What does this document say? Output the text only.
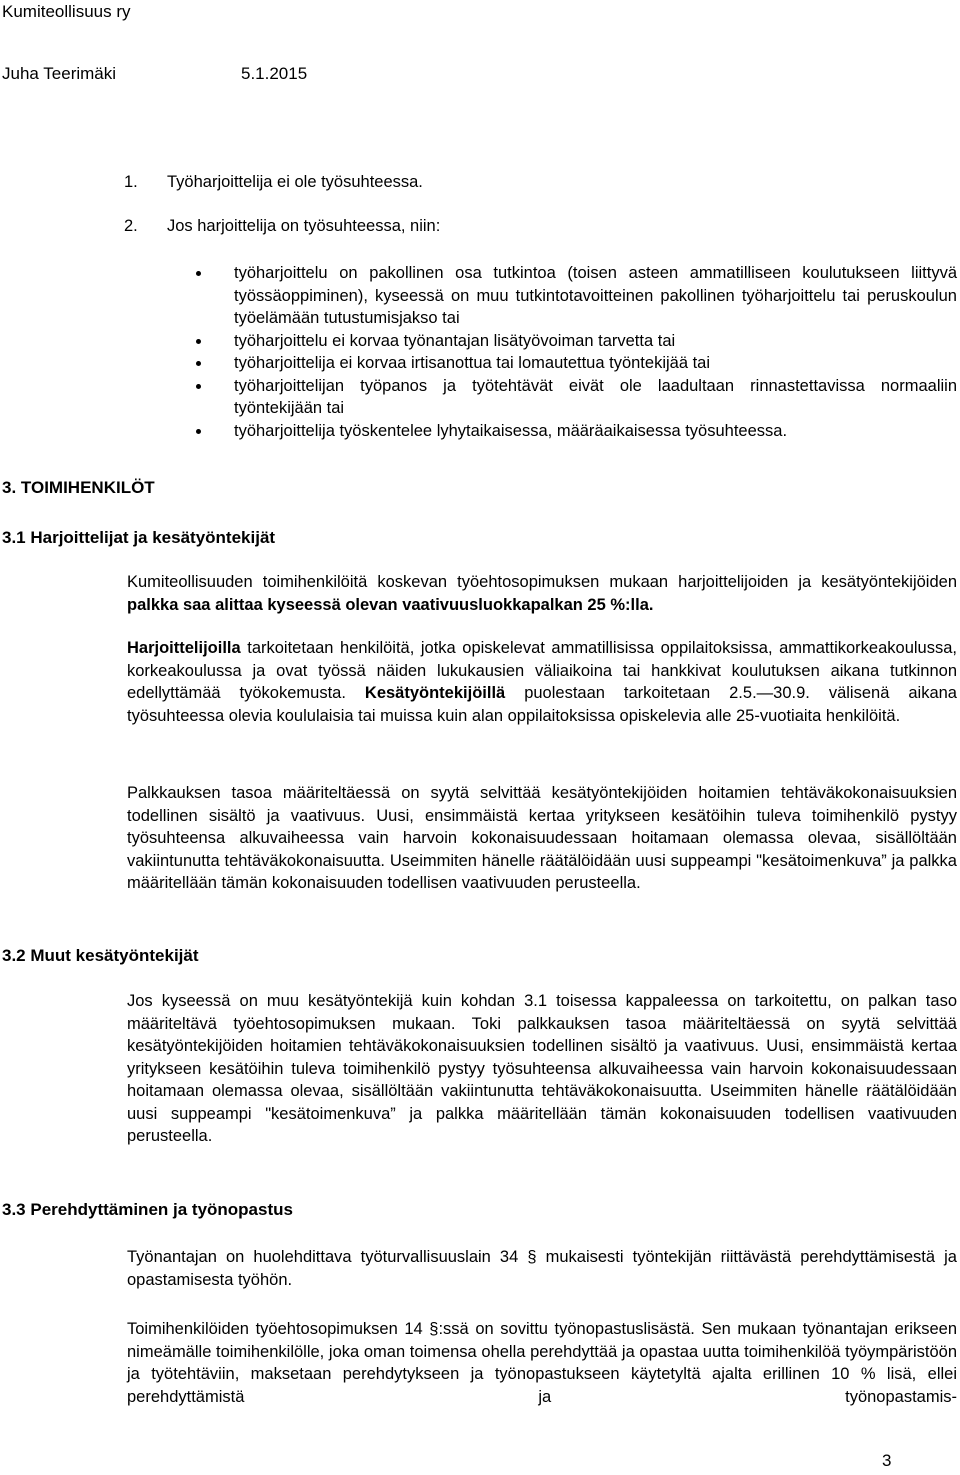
Kumiteollisuus ry
Juha Teerimäki	5.1.2015
1. Työharjoittelija ei ole työsuhteessa.
2. Jos harjoittelija on työsuhteessa, niin:
työharjoittelu on pakollinen osa tutkintoa (toisen asteen ammatilliseen koulutukseen liittyvä työssäoppiminen), kyseessä on muu tutkintotavoitteinen pakollinen työharjoittelu tai peruskoulun työelämään tutustumisjakso tai
työharjoittelu ei korvaa työnantajan lisätyövoiman tarvetta tai
työharjoittelija ei korvaa irtisanottua tai lomautettua työntekijää tai
työharjoittelijan työpanos ja työtehtävät eivät ole laadultaan rinnastettavissa normaaliin työntekijään tai
työharjoittelija työskentelee lyhytaikaisessa, määräaikaisessa työsuhteessa.
3. TOIMIHENKILÖT
3.1 Harjoittelijat ja kesätyöntekijät

Kumiteollisuuden toimihenkilöitä koskevan työehtosopimuksen mukaan harjoittelijoiden ja kesätyöntekijöiden palkka saa alittaa kyseessä olevan vaativuusluokkapalkan 25 %:lla.

Harjoittelijoilla tarkoitetaan henkilöitä, jotka opiskelevat ammatillisissa oppilaitoksissa, ammattikorkeakoulussa, korkeakoulussa ja ovat työssä näiden lukukausien väliaikoina tai hankkivat koulutuksen aikana tutkinnon edellyttämää työkokemusta. Kesätyöntekijöillä puolestaan tarkoitetaan 2.5.—30.9. välisenä aikana työsuhteessa olevia koululaisia tai muissa kuin alan oppilaitoksissa opiskelevia alle 25-vuotiaita henkilöitä.

Palkkauksen tasoa määriteltäessä on syytä selvittää kesätyöntekijöiden hoitamien tehtäväkokonaisuuksien todellinen sisältö ja vaativuus. Uusi, ensimmäistä kertaa yritykseen kesätöihin tuleva toimihenkilö pystyy työsuhteensa alkuvaiheessa vain harvoin kokonaisuudessaan hoitamaan olemassa olevaa, sisällöltään vakiintunutta tehtäväkokonaisuutta. Useimmiten hänelle räätälöidään uusi suppeampi "kesätoimenkuva” ja palkka määritellään tämän kokonaisuuden todellisen vaativuuden perusteella.

3.2 Muut kesätyöntekijät

Jos kyseessä on muu kesätyöntekijä kuin kohdan 3.1 toisessa kappaleessa on tarkoitettu, on palkan taso määriteltävä työehtosopimuksen mukaan. Toki palkkauksen tasoa määriteltäessä on syytä selvittää kesätyöntekijöiden hoitamien tehtäväkokonaisuuksien todellinen sisältö ja vaativuus. Uusi, ensimmäistä kertaa yritykseen kesätöihin tuleva toimihenkilö pystyy työsuhteensa alkuvaiheessa vain harvoin kokonaisuudessaan hoitamaan olemassa olevaa, sisällöltään vakiintunutta tehtäväkokonaisuutta. Useimmiten hänelle räätälöidään uusi suppeampi "kesätoimenkuva” ja palkka määritellään tämän kokonaisuuden todellisen vaativuuden perusteella.

3.3 Perehdyttäminen ja työnopastus

Työnantajan on huolehdittava työturvallisuuslain 34 § mukaisesti työntekijän riittävästä perehdyttämisestä ja opastamisesta työhön.

Toimihenkilöiden työehtosopimuksen 14 §:ssä on sovittu työnopastuslisästä. Sen mukaan työnantajan erikseen nimeämälle toimihenkilölle, joka oman toimensa ohella perehdyttää ja opastaa uutta toimihenkilöä työympäristöön ja työtehtäviin, maksetaan perehdytykseen ja työnopastukseen käytetyltä ajalta erillinen 10 % lisä, ellei perehdyttämistä ja työnopastamis-

3
